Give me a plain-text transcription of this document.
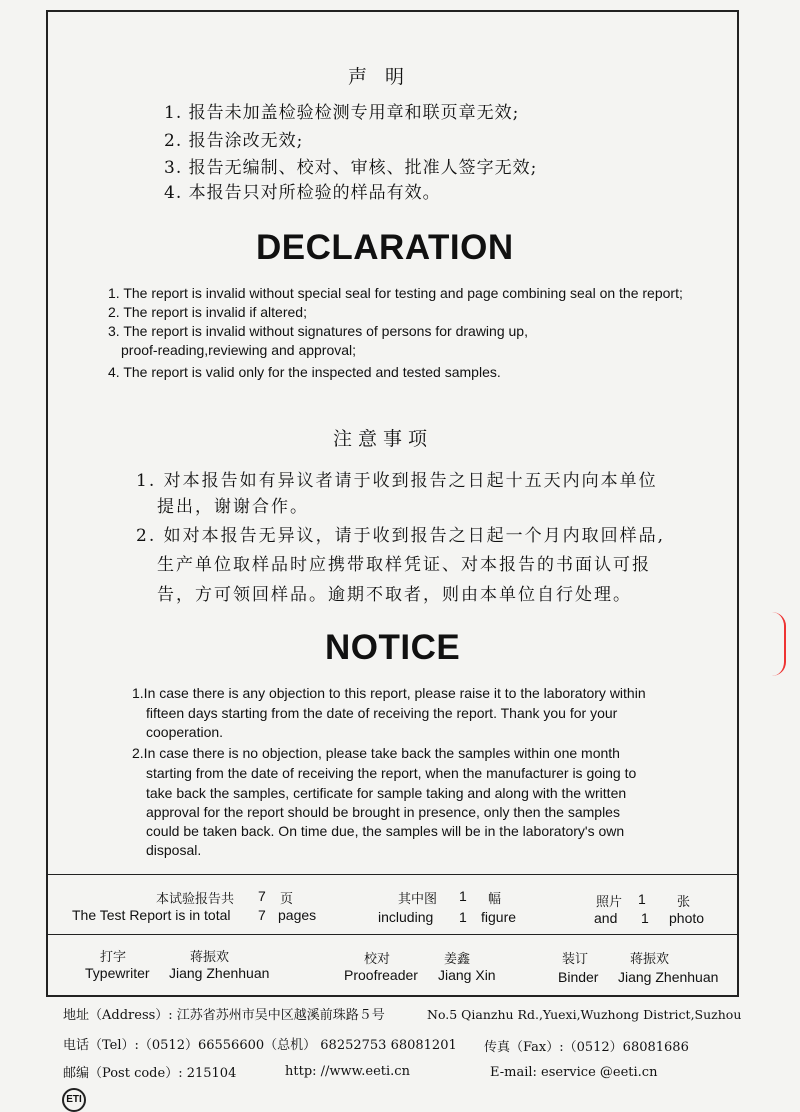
声 明
1. 报告未加盖检验检测专用章和联页章无效;
2. 报告涂改无效;
3. 报告无编制、校对、审核、批准人签字无效;
4. 本报告只对所检验的样品有效。
DECLARATION
1. The report is invalid without special seal for testing and page combining seal on the report;
2. The report is invalid if altered;
3. The report is invalid without signatures of persons for drawing up,
proof-reading,reviewing and approval;
4. The report is valid only for the inspected and tested samples.
注意事项
1. 对本报告如有异议者请于收到报告之日起十五天内向本单位
提出，谢谢合作。
2. 如对本报告无异议，请于收到报告之日起一个月内取回样品,
生产单位取样品时应携带取样凭证、对本报告的书面认可报
告，方可领回样品。逾期不取者，则由本单位自行处理。
NOTICE
1.In case there is any objection to this report, please raise it to the laboratory within
fifteen days starting from the date of receiving the report. Thank you for your
cooperation.
2.In case there is no objection, please take back the samples within one month
starting from the date of receiving the report, when the manufacturer is going to
take back the samples, certificate for sample taking and along with the written
approval for the report should be brought in presence, only then the samples
could be taken back. On time due, the samples will be in the laboratory's own
disposal.
本试验报告共 7 页
The Test Report is in total 7 pages
其中图 1 幅
including 1 figure
照片 1 张
and 1 photo
打字	蒋振欢
Typewriter Jiang Zhenhuan
校对	姜鑫
Proofreader Jiang Xin
装订	蒋振欢
Binder Jiang Zhenhuan
地址（Address）: 江苏省苏州市吴中区越溪前珠路５号	No.5 Qianzhu Rd.,Yuexi,Wuzhong District,Suzhou
电话（Tel）:（0512）66556600（总机） 68252753 68081201 传真（Fax）:（0512）68081686
邮编（Post code）: 215104	http: //www.eeti.cn	E-mail: eservice @eeti.cn
ETI
